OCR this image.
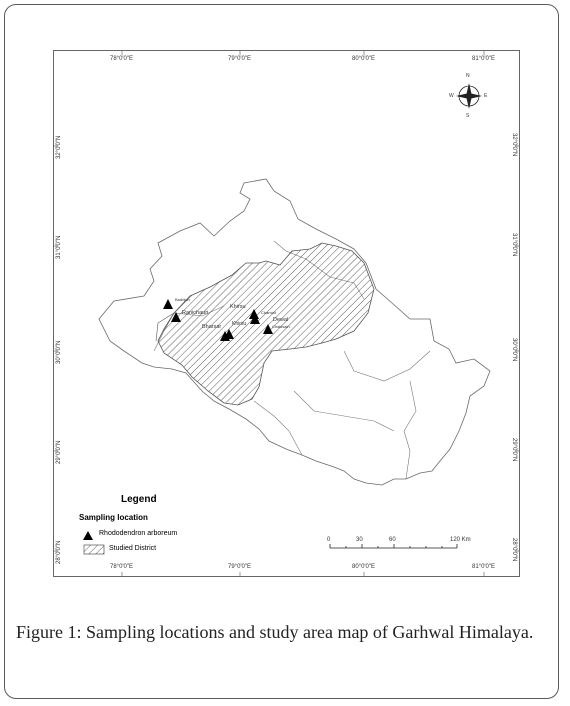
78°0'0"E	79°0'0"E	80°0'0"E	81°0'0"E
78°0'0"E	79°0'0"E	80°0'0"E	81°0'0"E
32°0'0"N
31°0'0"N
30°0'0"N
29°0'0"N
28°0'0"N
32°0'0"N
31°0'0"N
30°0'0"N
29°0'0"N
28°0'0"N
N
S
E
W
Badrijun
Ranichauri
Khirsu
Chamoli
Bharsar Khirsu
Dewal
Chakisain
Legend
Sampling location
Rhododendron arboreum
Studied District
0	30	60	120 Km
Figure 1: Sampling locations and study area map of Garhwal Himalaya.
